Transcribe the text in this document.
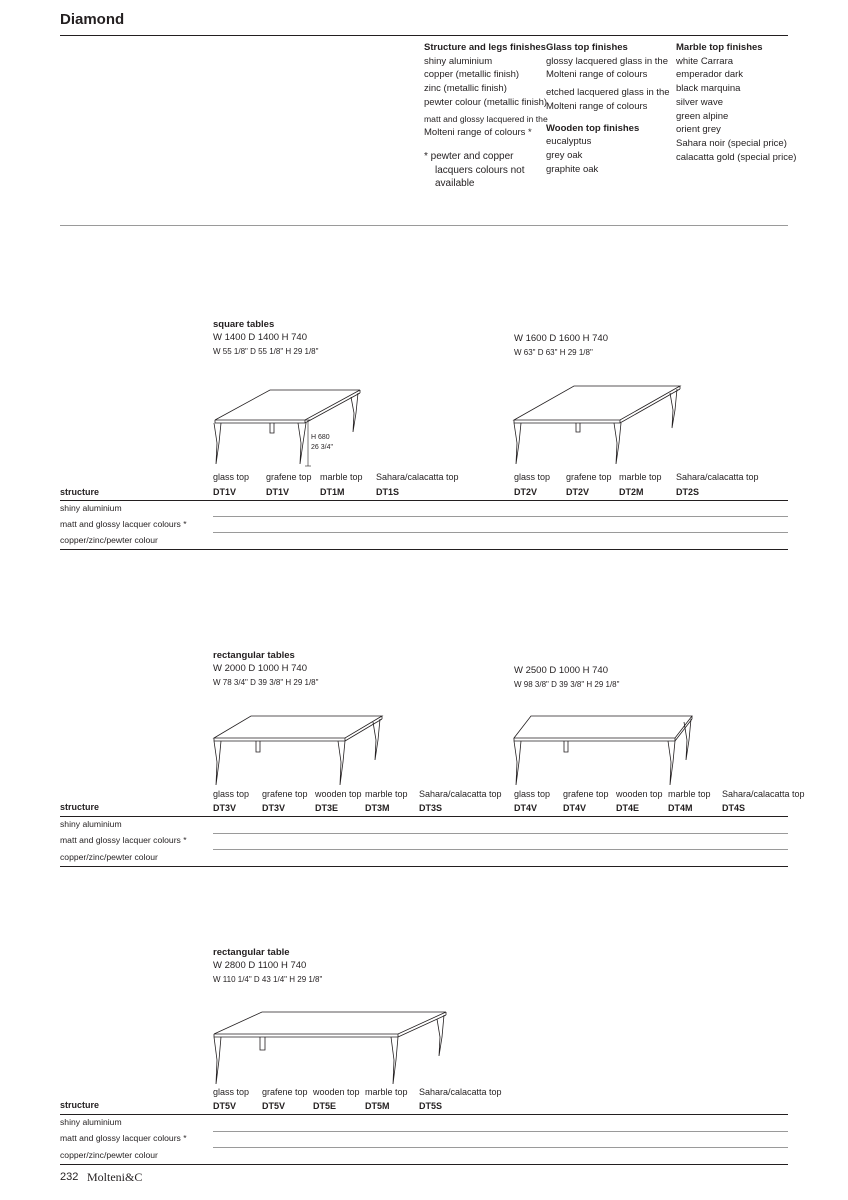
Diamond
Structure and legs finishes
shiny aluminium
copper (metallic finish)
zinc (metallic finish)
pewter colour (metallic finish)
matt and glossy lacquered in the
Molteni range of colours *
* pewter and copper
lacquers colours not
available
Glass top finishes
glossy lacquered glass in the
Molteni range of colours
etched lacquered glass in the
Molteni range of colours
Wooden top finishes
eucalyptus
grey oak
graphite oak
Marble top finishes
white Carrara
emperador dark
black marquina
silver wave
green alpine
orient grey
Sahara noir (special price)
calacatta gold (special price)
square tables
W 1400 D 1400 H 740
W 55 1/8" D 55 1/8" H 29 1/8"
W 1600 D 1600 H 740
W 63" D 63" H 29 1/8"
H 680
26 3/4"
glass top grafene top marble top Sahara/calacatta top	glass top grafene top marble top Sahara/calacatta top
structure	DT1V	DT1V	DT1M	DT1S	DT2V	DT2V	DT2M	DT2S
shiny aluminium
matt and glossy lacquer colours *
copper/zinc/pewter colour
rectangular tables
W 2000 D 1000 H 740
W 78 3/4" D 39 3/8" H 29 1/8"
W 2500 D 1000 H 740
W 98 3/8" D 39 3/8" H 29 1/8"
glass top grafene top wooden top marble top Sahara/calacatta top glass top grafene top wooden top marble top Sahara/calacatta top
structure	DT3V	DT3V	DT3E	DT3M	DT3S	DT4V	DT4V	DT4E	DT4M	DT4S
shiny aluminium
matt and glossy lacquer colours *
copper/zinc/pewter colour
rectangular table
W 2800 D 1100 H 740
W 110 1/4" D 43 1/4" H 29 1/8"
glass top grafene top wooden top marble top Sahara/calacatta top
structure	DT5V	DT5V	DT5E	DT5M	DT5S
shiny aluminium
matt and glossy lacquer colours *
copper/zinc/pewter colour
232 Molteni&C
